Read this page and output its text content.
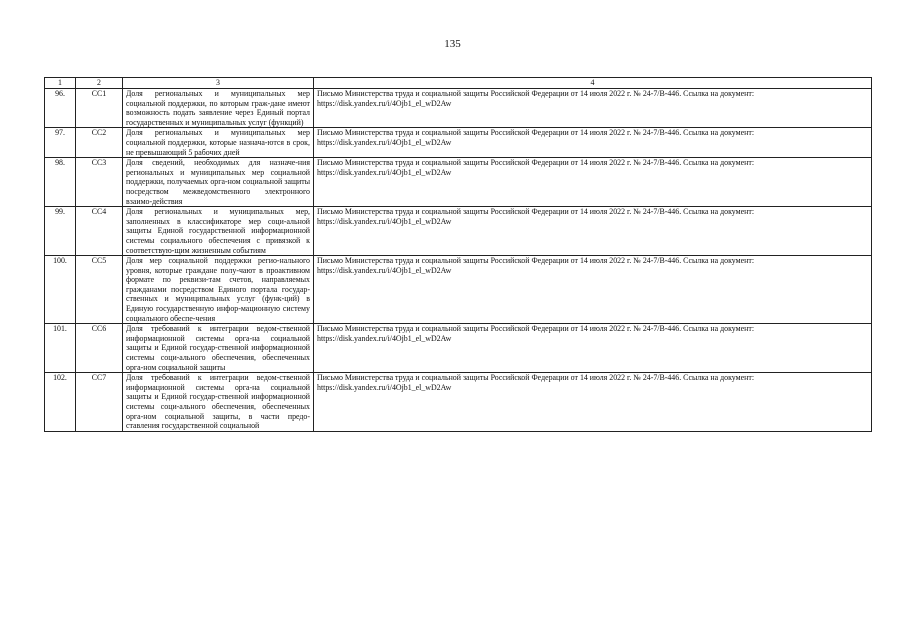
135
1	2	3	4
96.	CC1	Доля региональных и муниципальных мер социальной поддержки, по которым граж-дане имеют возможность подать заявление через Единый портал государственных и муниципальных услуг (функций)	Письмо Министерства труда и социальной защиты Российской Федерации от 14 июля 2022 г. № 24-7/В-446. Ссылка на документ: https://disk.yandex.ru/i/4Ojb1_el_wD2Aw
97.	CC2	Доля региональных и муниципальных мер социальной поддержки, которые назнача-ются в срок, не превышающий 5 рабочих дней	Письмо Министерства труда и социальной защиты Российской Федерации от 14 июля 2022 г. № 24-7/В-446. Ссылка на документ: https://disk.yandex.ru/i/4Ojb1_el_wD2Aw
98.	CC3	Доля сведений, необходимых для назначе-ния региональных и муниципальных мер социальной поддержки, получаемых орга-ном социальной защиты посредством межведомственного электронного взаимо-действия	Письмо Министерства труда и социальной защиты Российской Федерации от 14 июля 2022 г. № 24-7/В-446. Ссылка на документ: https://disk.yandex.ru/i/4Ojb1_el_wD2Aw
99.	CC4	Доля региональных и муниципальных мер, заполненных в классификаторе мер соци-альной защиты Единой государственной информационной системы социального обеспечения с привязкой к соответствую-щим жизненным событиям	Письмо Министерства труда и социальной защиты Российской Федерации от 14 июля 2022 г. № 24-7/В-446. Ссылка на документ: https://disk.yandex.ru/i/4Ojb1_el_wD2Aw
100.	CC5	Доля мер социальной поддержки регио-нального уровня, которые граждане полу-чают в проактивном формате по реквизи-там счетов, направляемых гражданами посредством Единого портала государ-ственных и муниципальных услуг (функ-ций) в Единую государственную инфор-мационную систему социального обеспе-чения	Письмо Министерства труда и социальной защиты Российской Федерации от 14 июля 2022 г. № 24-7/В-446. Ссылка на документ: https://disk.yandex.ru/i/4Ojb1_el_wD2Aw
101.	CC6	Доля требований к интеграции ведом-ственной информационной системы орга-на социальной защиты и Единой государ-ственной информационной системы соци-ального обеспечения, обеспеченных орга-ном социальной защиты	Письмо Министерства труда и социальной защиты Российской Федерации от 14 июля 2022 г. № 24-7/В-446. Ссылка на документ: https://disk.yandex.ru/i/4Ojb1_el_wD2Aw
102.	CC7	Доля требований к интеграции ведом-ственной информационной системы орга-на социальной защиты и Единой государ-ственной информационной системы соци-ального обеспечения, обеспеченных орга-ном социальной защиты, в части предо-ставления государственной социальной	Письмо Министерства труда и социальной защиты Российской Федерации от 14 июля 2022 г. № 24-7/В-446. Ссылка на документ: https://disk.yandex.ru/i/4Ojb1_el_wD2Aw
